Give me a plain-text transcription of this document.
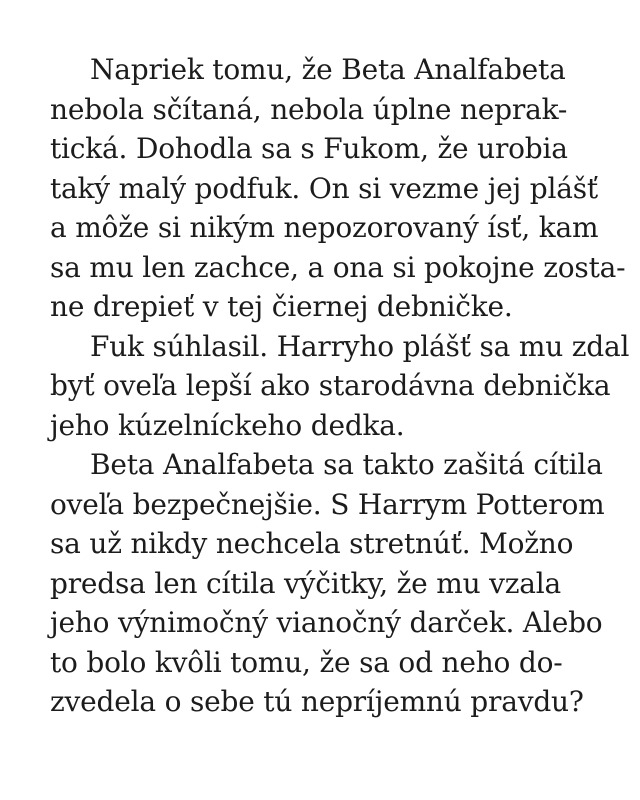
Napriek tomu, že Beta Analfabeta
nebola sčítaná, nebola úplne neprak-
tická. Dohodla sa s Fukom, že urobia
taký malý podfuk. On si vezme jej plášť
a môže si nikým nepozorovaný ísť, kam
sa mu len zachce, a ona si pokojne zosta-
ne drepieť v tej čiernej debničke.
Fuk súhlasil. Harryho plášť sa mu zdal
byť oveľa lepší ako starodávna debnička
jeho kúzelníckeho dedka.
Beta Analfabeta sa takto zašitá cítila
oveľa bezpečnejšie. S Harrym Potterom
sa už nikdy nechcela stretnúť. Možno
predsa len cítila výčitky, že mu vzala
jeho výnimočný vianočný darček. Alebo
to bolo kvôli tomu, že sa od neho do-
zvedela o sebe tú nepríjemnú pravdu?
